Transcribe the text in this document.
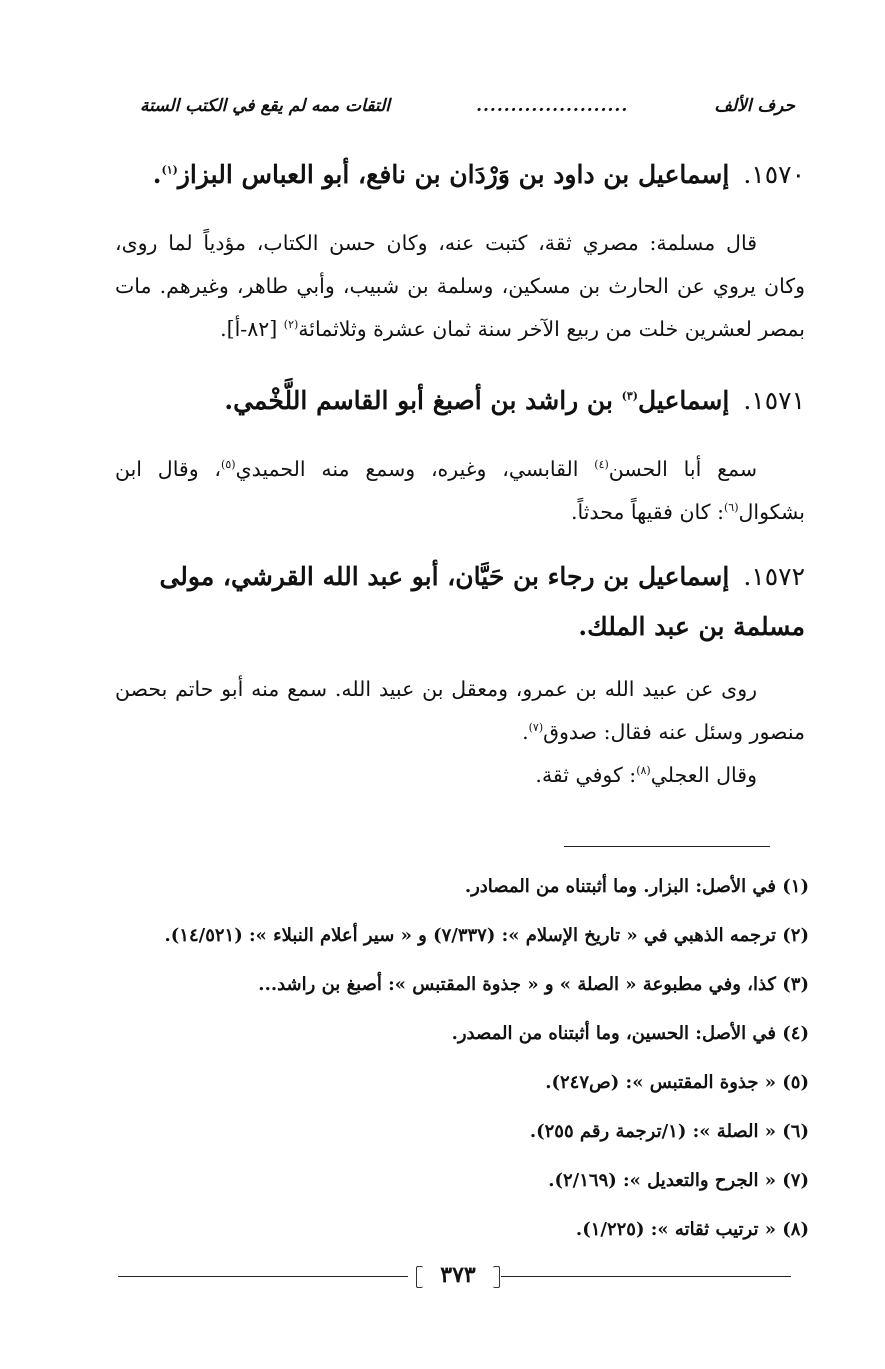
حرف الألف
......................
التقات ممه لم يقع في الكتب الستة
١٥٧٠.إسماعيل بن داود بن وَرْدَان بن نافع، أبو العباس البزاز$^{(١)}$.

قال مسلمة: مصري ثقة، كتبت عنه، وكان حسن الكتاب، مؤدياً لما روى، وكان يروي عن الحارث بن مسكين، وسلمة بن شبيب، وأبي طاهر، وغيرهم. مات بمصر لعشرين خلت من ربيع الآخر سنة ثمان عشرة وثلاثمائة$^{(٢)}$ [٨٢-أ].

١٥٧١.إسماعيل$^{(٣)}$ بن راشد بن أصبغ أبو القاسم اللَّخْمي.

سمع أبا الحسن$^{(٤)}$ القابسي، وغيره، وسمع منه الحميدي$^{(٥)}$، وقال ابن بشكوال$^{(٦)}$: كان فقيهاً محدثاً.

١٥٧٢.إسماعيل بن رجاء بن حَيَّان، أبو عبد الله القرشي، مولى مسلمة بن عبد الملك.

روى عن عبيد الله بن عمرو، ومعقل بن عبيد الله. سمع منه أبو حاتم بحصن منصور وسئل عنه فقال: صدوق$^{(٧)}$.

وقال العجلي$^{(٨)}$: كوفي ثقة.

(١) في الأصل: البزار. وما أثبتناه من المصادر.
(٢) ترجمه الذهبي في « تاريخ الإسلام »: (٧/٣٣٧) و « سير أعلام النبلاء »: (١٤/٥٢١).
(٣) كذا، وفي مطبوعة « الصلة » و « جذوة المقتبس »: أصبغ بن راشد...
(٤) في الأصل: الحسين، وما أثبتناه من المصدر.
(٥) « جذوة المقتبس »: (ص٢٤٧).
(٦) « الصلة »: (١/ترجمة رقم ٢٥٥).
(٧) « الجرح والتعديل »: (٢/١٦٩).
(٨) « ترتيب ثقاته »: (١/٢٢٥).
٣٧٣
